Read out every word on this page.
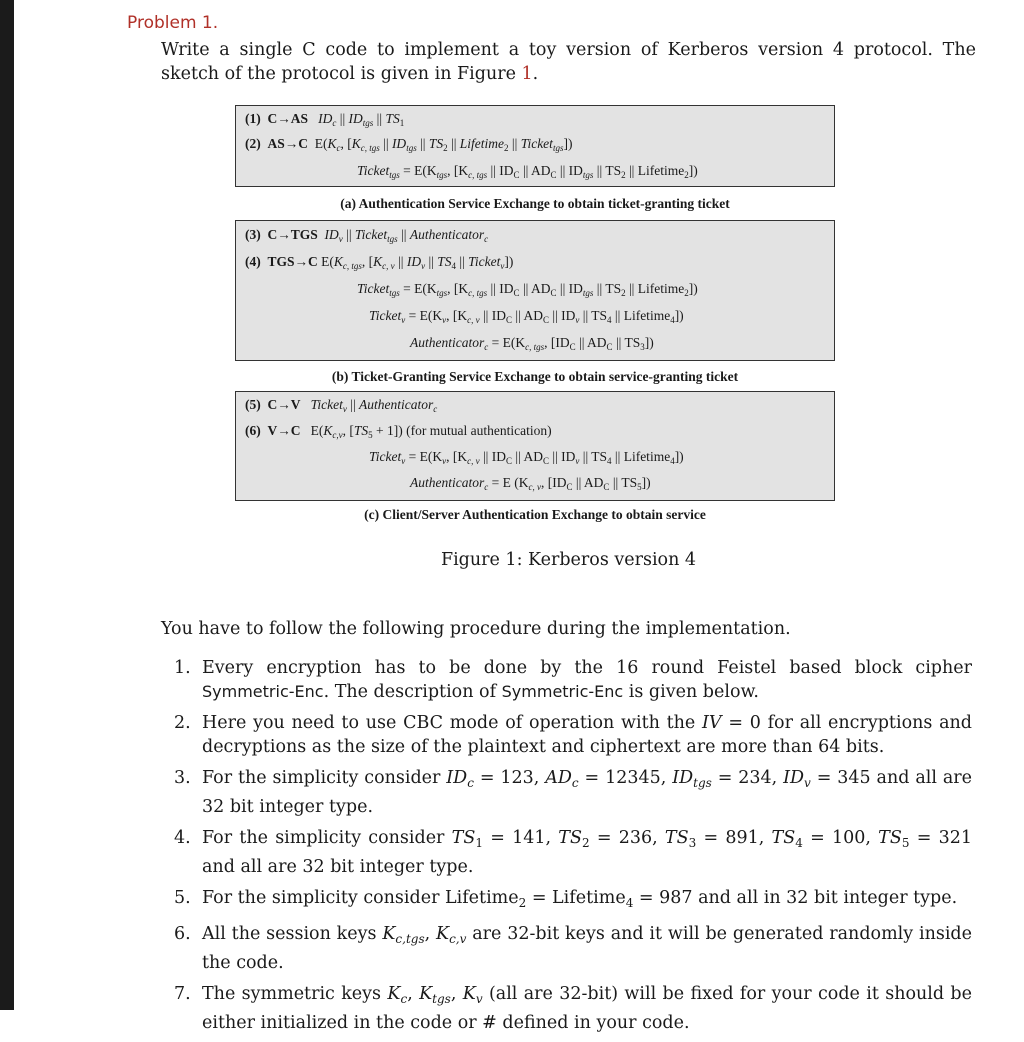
Problem 1.

Write a single C code to implement a toy version of Kerberos version 4 protocol. The sketch of the protocol is given in Figure 1.

(1)  C→AS $ID_c$ || $ID_{tgs}$ || $TS_1$
(2)  AS→C  $E(K_c$, [$K_{c, tgs}$ || $ID_{tgs}$ || $TS_2$ || Lifetime$_2$ || Ticket$_{tgs}$])
Ticket$_{tgs}$ = $E(K_{tgs}$, [$K_{c, tgs}$ || $ID_C$ || $AD_C$ || $ID_{tgs}$ || $TS_2$ || Lifetime$_2$])
(a) Authentication Service Exchange to obtain ticket-granting ticket
(3)  C→TGS $ID_v$ || Ticket$_{tgs}$ || Authenticator$_c$
(4)  TGS→C $E(K_{c, tgs}$, [$K_{c, v}$ || $ID_v$ || $TS_4$ || Ticket$_v$])
Ticket$_{tgs}$ = $E(K_{tgs}$, [$K_{c, tgs}$ || $ID_C$ || $AD_C$ || $ID_{tgs}$ || $TS_2$ || Lifetime$_2$])
Ticket$_v$ = $E(K_v$, [$K_{c, v}$ || $ID_C$ || $AD_C$ || $ID_v$ || $TS_4$ || Lifetime$_4$])
Authenticator$_c$ = $E(K_{c, tgs}$, [$ID_C$ || $AD_C$ || $TS_3$])
(b) Ticket-Granting Service Exchange to obtain service-granting ticket
(5)  C→V Ticket$_v$ || Authenticator$_c$
(6)  V→C   $E(K_{c,v}$, $[TS_5 + 1]$) (for mutual authentication)
Ticket$_v$ = $E(K_v$, [$K_{c, v}$ || $ID_C$ || $AD_C$ || $ID_v$ || $TS_4$ || Lifetime$_4$])
Authenticator$_c$ = E ($K_{c, v}$, [$ID_C$ || $AD_C$ || $TS_5$])
(c) Client/Server Authentication Exchange to obtain service
Figure 1: Kerberos version 4
You have to follow the following procedure during the implementation.
1. Every encryption has to be done by the 16 round Feistel based block cipher Symmetric-Enc. The description of Symmetric-Enc is given below.
2. Here you need to use CBC mode of operation with the IV = 0 for all encryptions and decryptions as the size of the plaintext and ciphertext are more than 64 bits.
3. For the simplicity consider $ID_c = 123$, $AD_c = 12345$, $ID_{tgs} = 234$, $ID_v = 345$ and all are 32 bit integer type.
4. For the simplicity consider $TS_1 = 141$, $TS_2 = 236$, $TS_3 = 891$, $TS_4 = 100$, $TS_5 = 321$ and all are 32 bit integer type.
5. For the simplicity consider Lifetime$_2$ = Lifetime$_4$ = 987 and all in 32 bit integer type.
6. All the session keys $K_{c,tgs}$, $K_{c,v}$ are 32-bit keys and it will be generated randomly inside the code.
7. The symmetric keys $K_c$, $K_{tgs}$, $K_v$ (all are 32-bit) will be fixed for your code it should be either initialized in the code or # defined in your code.
